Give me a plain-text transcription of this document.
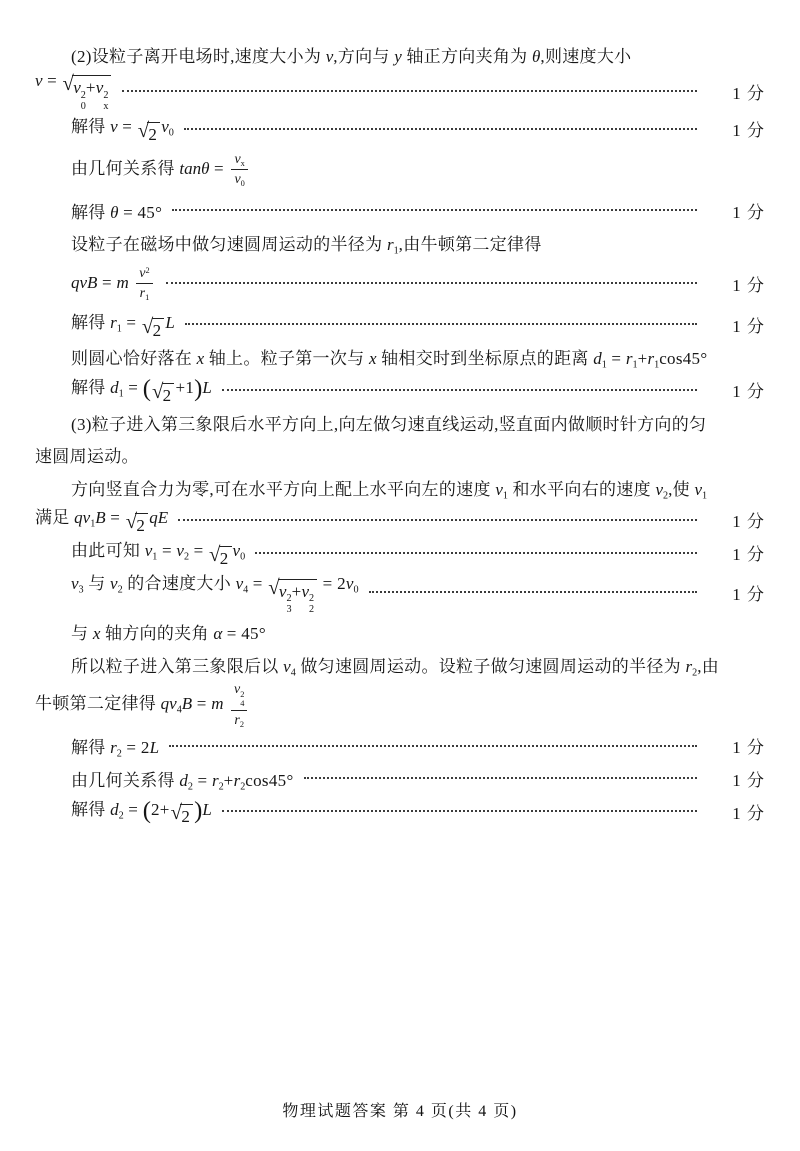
(2)设粒子离开电场时,速度大小为 v,方向与 y 轴正方向夹角为 θ,则速度大小
v = √ v 2
0
+v 2
x
1 分
解得 v = √ 2 $v_0$	1 分
由几何关系得 $\tan\theta = \frac{v_x}{v_0}$
解得 θ = 45°	1 分
设粒子在磁场中做匀速圆周运动的半径为 $r_1$,由牛顿第二定律得
qvB = m $\frac{v^2}{r_1}$	1 分
解得 $r_1$ = √ 2 L	1 分
则圆心恰好落在 x 轴上。粒子第一次与 x 轴相交时到坐标原点的距离 $d_1 = r_1+r_1\cos 45^\circ$
解得 $d_1$ = ( √ 2 +1)L	1 分
(3)粒子进入第三象限后水平方向上,向左做匀速直线运动,竖直面内做顺时针方向的匀
速圆周运动。
方向竖直合力为零,可在水平方向上配上水平向左的速度 $v_1$ 和水平向右的速度 $v_2$,使 $v_1$
满足 $qv_1B$ = √ 2 qE	1 分
由此可知 $v_1 = v_2$ = √ 2 $v_0$	1 分
$v_3$ 与 $v_2$ 的合速度大小 $v_4$ = √ v 2
3
+v 2
2
= $2v_0$	1 分
与 x 轴方向的夹角 α = 45°
所以粒子进入第三象限后以 $v_4$ 做匀速圆周运动。设粒子做匀速圆周运动的半径为 $r_2$,由
牛顿第二定律得 $qv_4B = m$ v 2
4
$r_2$
解得 $r_2 = 2L$	1 分
由几何关系得 $d_2 = r_2+r_2\cos 45^\circ$	1 分
解得 $d_2 = (2+$ √ 2 )L	1 分
物理试题答案 第 4 页(共 4 页)
